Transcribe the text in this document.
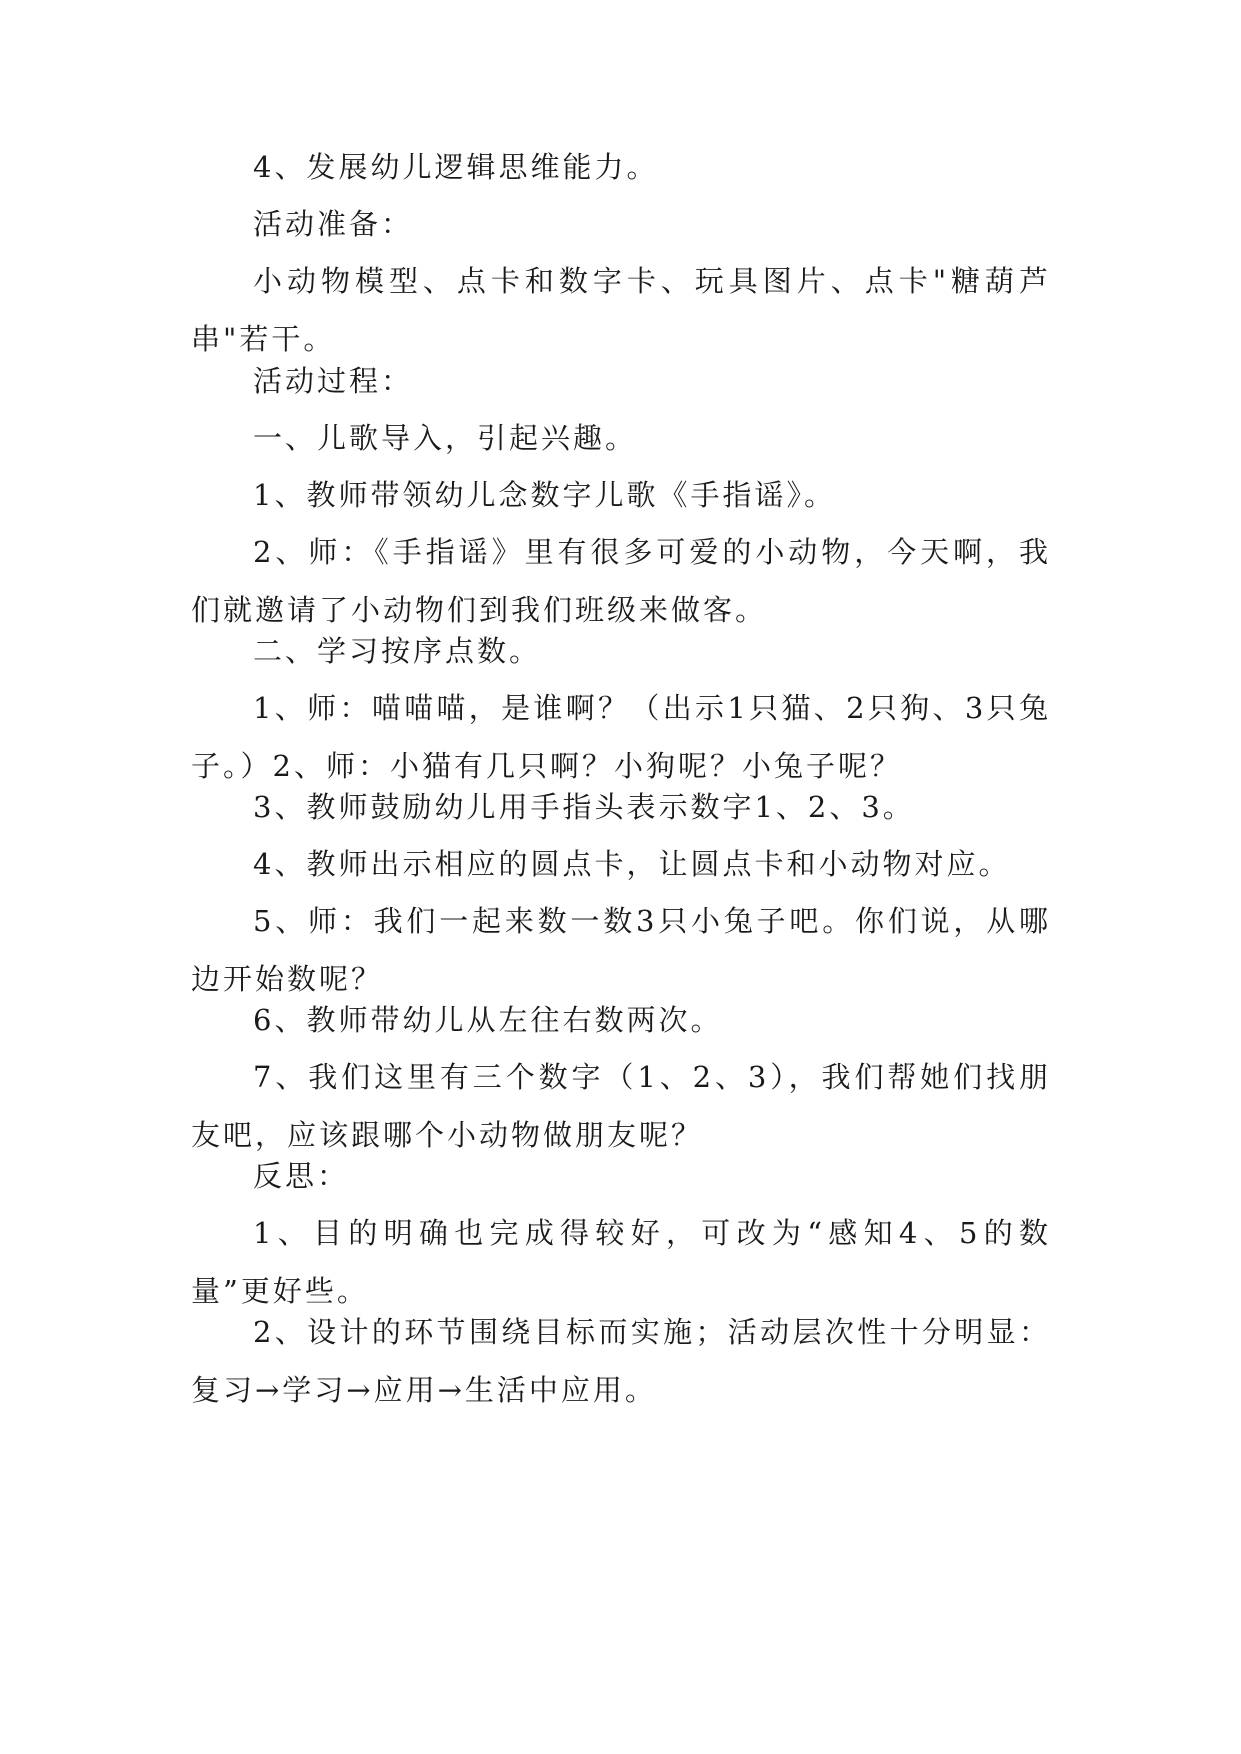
4、发展幼儿逻辑思维能力。

活动准备：

小动物模型、点卡和数字卡、玩具图片、点卡"糖葫芦串"若干。

活动过程：

一、儿歌导入，引起兴趣。

1、教师带领幼儿念数字儿歌《手指谣》。

2、师：《手指谣》里有很多可爱的小动物，今天啊，我们就邀请了小动物们到我们班级来做客。

二、学习按序点数。

1、师：喵喵喵，是谁啊？（出示1只猫、2只狗、3只兔子。）2、师：小猫有几只啊？小狗呢？小兔子呢？

3、教师鼓励幼儿用手指头表示数字1、2、3。

4、教师出示相应的圆点卡，让圆点卡和小动物对应。

5、师：我们一起来数一数3只小兔子吧。你们说，从哪边开始数呢？

6、教师带幼儿从左往右数两次。

7、我们这里有三个数字（1、2、3），我们帮她们找朋友吧，应该跟哪个小动物做朋友呢？

反思：

1、目的明确也完成得较好，可改为“感知4、5的数量”更好些。

2、设计的环节围绕目标而实施；活动层次性十分明显：复习→学习→应用→生活中应用。
